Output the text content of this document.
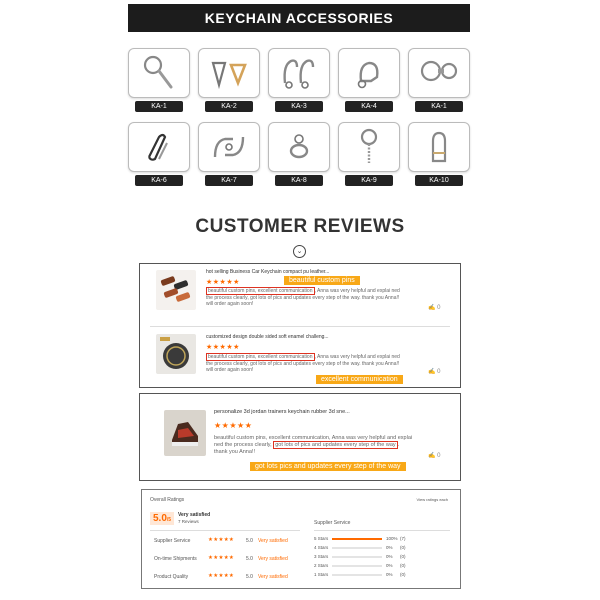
KEYCHAIN ACCESSORIES
KA-1	KA-2	KA-3	KA-4	KA-1
KA-6	KA-7	KA-8	KA-9	KA-10
CUSTOMER REVIEWS
⌄
hot selling Business Car Keychain compact pu leather...
★★★★★
beautiful custom pins, excellent communication , Anna was very helpful and explai ned the process clearly, got lots of pics and updates every step of the way. thank you Anna!! will order again soon!
beautiful custom pins
✍ 0
customized design double sided soft enamel challeng...
★★★★★
beautiful custom pins, excellent communication , Anna was very helpful and explai ned the process clearly, got lots of pics and updates every step of the way. thank you Anna!! will order again soon!
excellent communication
✍ 0
personalize 3d jordan trainers keychain rubber 3d sne...
★★★★★
beautiful custom pins, excellent communication, Anna was very helpful and explai ned the process clearly, got lots of pics and updates every step of the way . thank you Anna!!
got lots pics and updates every step of the way
✍ 0
Overall Ratings	View ratings each
5.0/5
Very satisfied
7 Reviews
Supplier Service	★★★★★ 5.0 Very satisfied
On-time Shipments ★★★★★ 5.0 Very satisfied
Product Quality	★★★★★ 5.0 Very satisfied
Supplier Service
5 Stars	100% (7)
4 Stars	0% (0)
3 Stars	0% (0)
2 Stars	0% (0)
1 Stars	0% (0)
